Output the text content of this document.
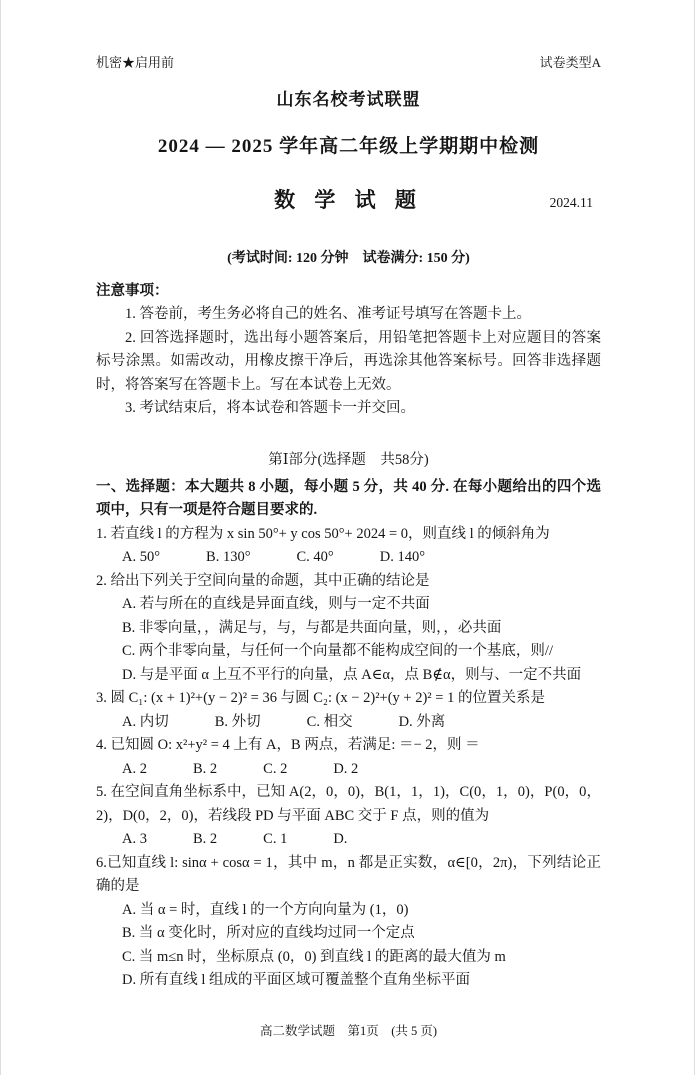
机密★启用前	试卷类型A
山东名校考试联盟
2024 — 2025 学年高二年级上学期期中检测
数 学 试 题	2024.11
(考试时间: 120 分钟　试卷满分: 150 分)
注意事项：

1. 答卷前，考生务必将自己的姓名、准考证号填写在答题卡上。

2. 回答选择题时，选出每小题答案后，用铅笔把答题卡上对应题目的答案标号涂黑。如需改动，用橡皮擦干净后，再选涂其他答案标号。回答非选择题时，将答案写在答题卡上。写在本试卷上无效。

3. 考试结束后，将本试卷和答题卡一并交回。

第Ⅰ部分(选择题　共58分)

一、选择题：本大题共 8 小题，每小题 5 分，共 40 分. 在每小题给出的四个选项中，只有一项是符合题目要求的.

1. 若直线 l 的方程为 x sin 50°+ y cos 50°+ 2024 = 0，则直线 l 的倾斜角为

A. 50°	B. 130°	C. 40°	D. 140°

2. 给出下列关于空间向量的命题，其中正确的结论是

A. 若与所在的直线是异面直线，则与一定不共面
B. 非零向量，，满足与，与，与都是共面向量，则，，必共面
C. 两个非零向量，与任何一个向量都不能构成空间的一个基底，则//
D. 与是平面 α 上互不平行的向量，点 A∈α，点 B∉α，则与、一定不共面

3. 圆 C₁: (x + 1)²+(y − 2)² = 36 与圆 C₂: (x − 2)²+(y + 2)² = 1 的位置关系是

A. 内切	B. 外切	C. 相交	D. 外离

4. 已知圆 O: x²+y² = 4 上有 A，B 两点，若满足: ＝− 2，则 ＝

A. 2	B. 2	C. 2	D. 2

5. 在空间直角坐标系中，已知 A(2，0，0)，B(1，1，1)，C(0，1，0)，P(0，0，2)，D(0，2，0)，若线段 PD 与平面 ABC 交于 F 点，则的值为

A. 3	B. 2	C. 1	D.

6.已知直线 l: sinα + cosα = 1，其中 m，n 都是正实数，α∈[0，2π)，下列结论正确的是

A. 当 α = 时，直线 l 的一个方向向量为 (1，0)
B. 当 α 变化时，所对应的直线均过同一个定点
C. 当 m≤n 时，坐标原点 (0，0) 到直线 l 的距离的最大值为 m
D. 所有直线 l 组成的平面区域可覆盖整个直角坐标平面
高二数学试题　第1页　(共 5 页)
